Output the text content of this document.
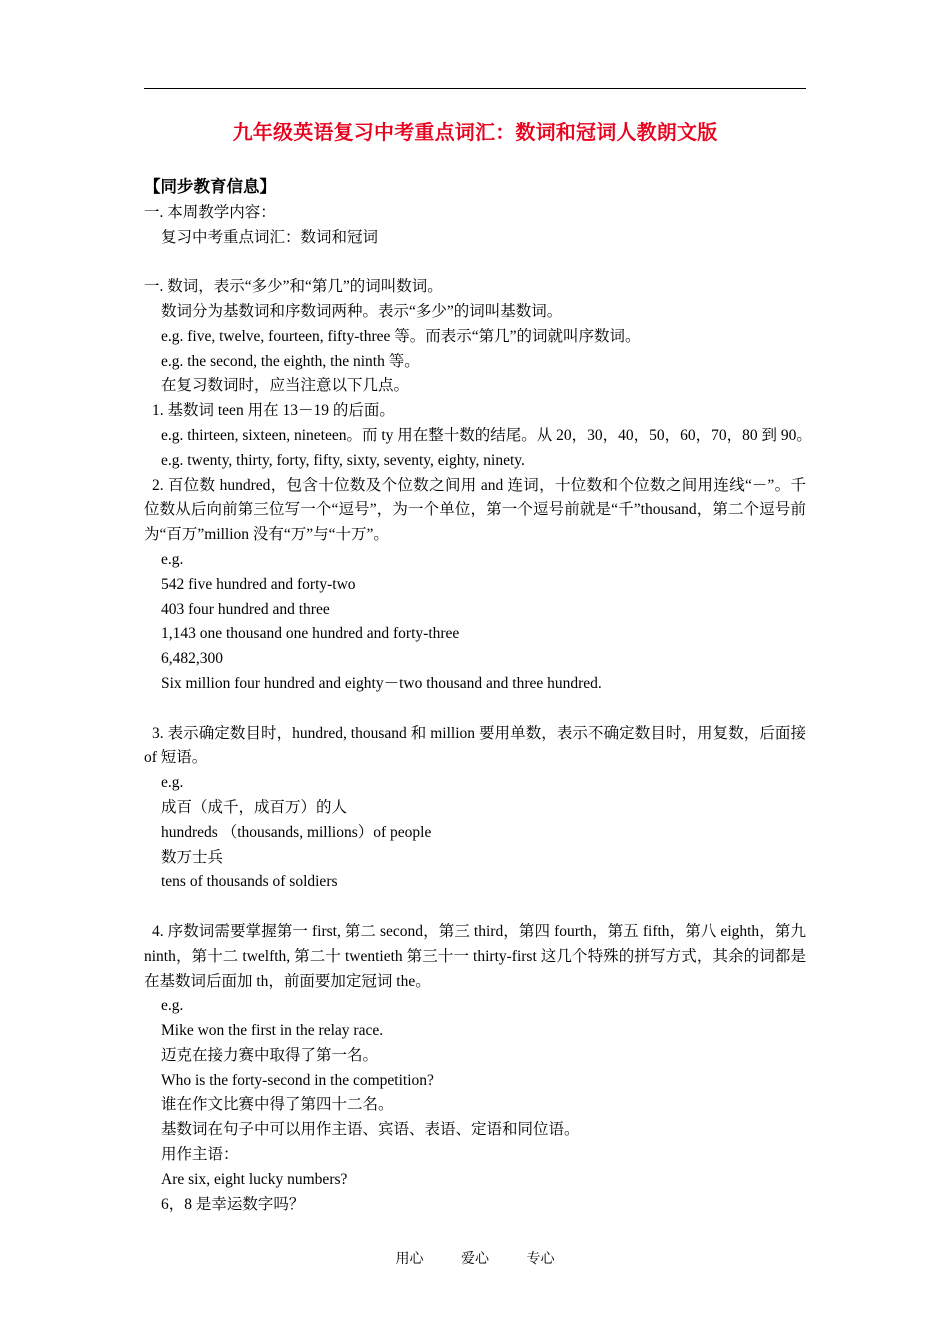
九年级英语复习中考重点词汇：数词和冠词人教朗文版
【同步教育信息】
一. 本周教学内容：
复习中考重点词汇：数词和冠词
一. 数词，表示“多少”和“第几”的词叫数词。
数词分为基数词和序数词两种。表示“多少”的词叫基数词。
e.g. five, twelve, fourteen, fifty-three 等。而表示“第几”的词就叫序数词。
e.g. the second, the eighth, the ninth 等。
在复习数词时，应当注意以下几点。
1. 基数词 teen 用在 13－19 的后面。
e.g. thirteen, sixteen, nineteen。而 ty 用在整十数的结尾。从 20，30，40，50，60，70，80 到 90。
e.g. twenty, thirty, forty, fifty, sixty, seventy, eighty, ninety.
2. 百位数 hundred，包含十位数及个位数之间用 and 连词，十位数和个位数之间用连线“－”。千位数从后向前第三位写一个“逗号”，为一个单位，第一个逗号前就是“千”thousand，第二个逗号前为“百万”million 没有“万”与“十万”。
e.g.
542 five hundred and forty-two
403 four hundred and three
1,143 one thousand one hundred and forty-three
6,482,300
Six million four hundred and eighty－two thousand and three hundred.
3. 表示确定数目时，hundred, thousand 和 million 要用单数，表示不确定数目时，用复数，后面接 of 短语。
e.g.
成百（成千，成百万）的人
hundreds （thousands, millions）of people
数万士兵
tens of thousands of soldiers
4. 序数词需要掌握第一 first, 第二 second，第三 third，第四 fourth，第五 fifth，第八 eighth，第九 ninth，第十二 twelfth, 第二十 twentieth 第三十一 thirty-first 这几个特殊的拼写方式，其余的词都是在基数词后面加 th，前面要加定冠词 the。
e.g.
Mike won the first in the relay race.
迈克在接力赛中取得了第一名。
Who is the forty-second in the competition?
谁在作文比赛中得了第四十二名。
基数词在句子中可以用作主语、宾语、表语、定语和同位语。
用作主语：
Are six, eight lucky numbers?
6，8 是幸运数字吗？
用心	爱心	专心
